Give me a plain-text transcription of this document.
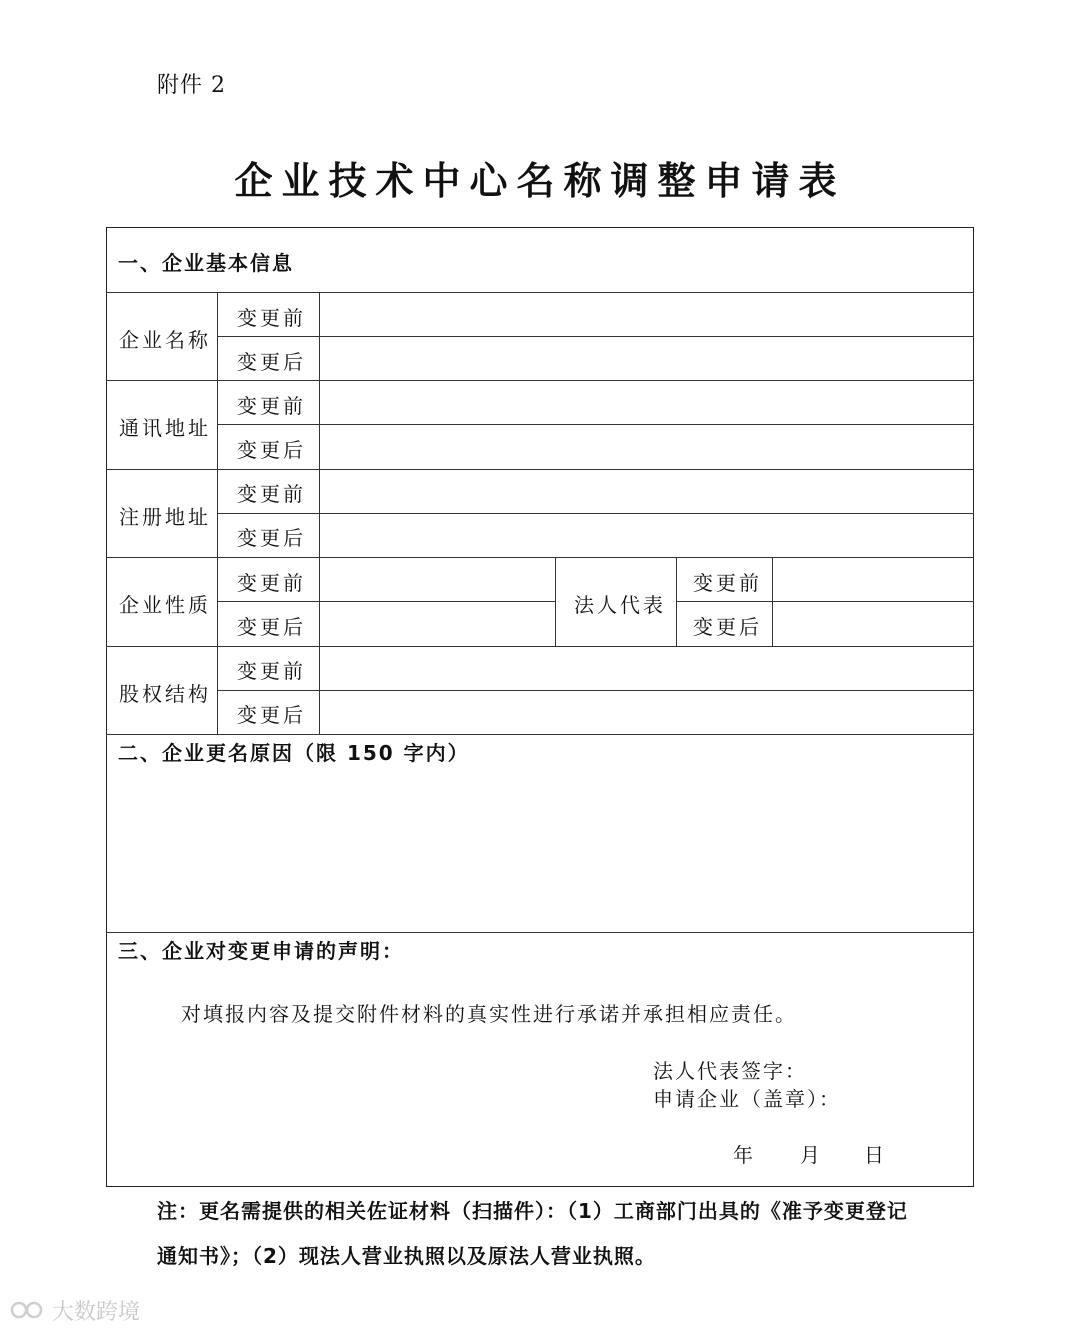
附件 2
企业技术中心名称调整申请表
一、企业基本信息
企业名称
变更前
变更后
通讯地址
变更前
变更后
注册地址
变更前
变更后
企业性质
变更前
变更后
法人代表
变更前
变更后
股权结构
变更前
变更后
二、企业更名原因（限 150 字内）
三、企业对变更申请的声明：
对填报内容及提交附件材料的真实性进行承诺并承担相应责任。
法人代表签字：
申请企业（盖章）：
年 月 日
注：更名需提供的相关佐证材料（扫描件）：（1）工商部门出具的《准予变更登记
通知书》；（2）现法人营业执照以及原法人营业执照。
大数跨境
